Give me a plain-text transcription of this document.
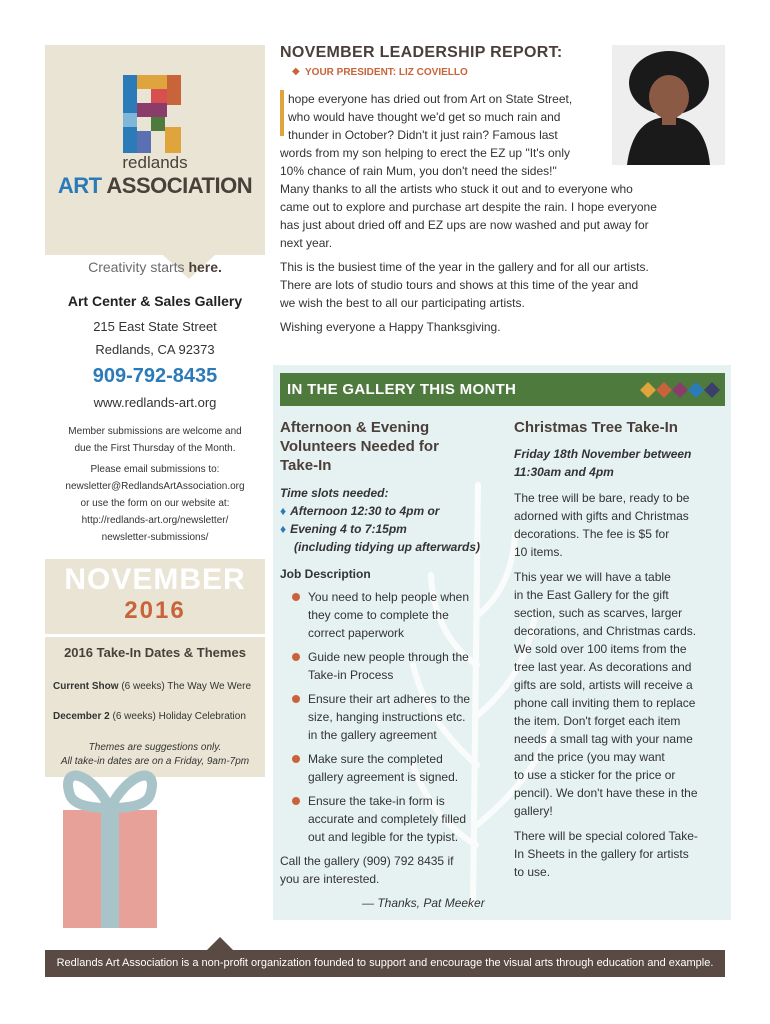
redlands
ART ASSOCIATION
Creativity starts here.
Art Center & Sales Gallery
215 East State Street
Redlands, CA 92373
909-792-8435
www.redlands-art.org
Member submissions are welcome and
due the First Thursday of the Month.
Please email submissions to:
newsletter@RedlandsArtAssociation.org
or use the form on our website at:
http://redlands-art.org/newsletter/
newsletter-submissions/
NOVEMBER
2016
2016 Take-In Dates & Themes
Current Show (6 weeks) The Way We Were
December 2 (6 weeks) Holiday Celebration
Themes are suggestions only.
All take-in dates are on a Friday, 9am-7pm
NOVEMBER LEADERSHIP REPORT:
◆ YOUR PRESIDENT: LIZ COVIELLO
hope everyone has dried out from Art on State Street,
who would have thought we'd get so much rain and
thunder in October? Didn't it just rain? Famous last
words from my son helping to erect the EZ up "It's only
10% chance of rain Mum, you don't need the sides!"
Many thanks to all the artists who stuck it out and to everyone who
came out to explore and purchase art despite the rain. I hope everyone
has just about dried off and EZ ups are now washed and put away for
next year.
This is the busiest time of the year in the gallery and for all our artists.
There are lots of studio tours and shows at this time of the year and
we wish the best to all our participating artists.
Wishing everyone a Happy Thanksgiving.
IN THE GALLERY THIS MONTH
Afternoon & Evening
Volunteers Needed for
Take-In
Time slots needed:
♦ Afternoon 12:30 to 4pm or
♦ Evening 4 to 7:15pm
(including tidying up afterwards)
Job Description
You need to help people when
they come to complete the
correct paperwork
Guide new people through the
Take-in Process
Ensure their art adheres to the
size, hanging instructions etc.
in the gallery agreement
Make sure the completed
gallery agreement is signed.
Ensure the take-in form is
accurate and completely filled
out and legible for the typist.
Call the gallery (909) 792 8435 if
you are interested.
— Thanks, Pat Meeker
Christmas Tree Take-In
Friday 18th November between
11:30am and 4pm
The tree will be bare, ready to be
adorned with gifts and Christmas
decorations. The fee is $5 for
10 items.
This year we will have a table
in the East Gallery for the gift
section, such as scarves, larger
decorations, and Christmas cards.
We sold over 100 items from the
tree last year. As decorations and
gifts are sold, artists will receive a
phone call inviting them to replace
the item. Don't forget each item
needs a small tag with your name
and the price (you may want
to use a sticker for the price or
pencil). We don't have these in the
gallery!
There will be special colored Take-
In Sheets in the gallery for artists
to use.
Redlands Art Association is a non-profit organization founded to support and encourage the visual arts through education and example.
